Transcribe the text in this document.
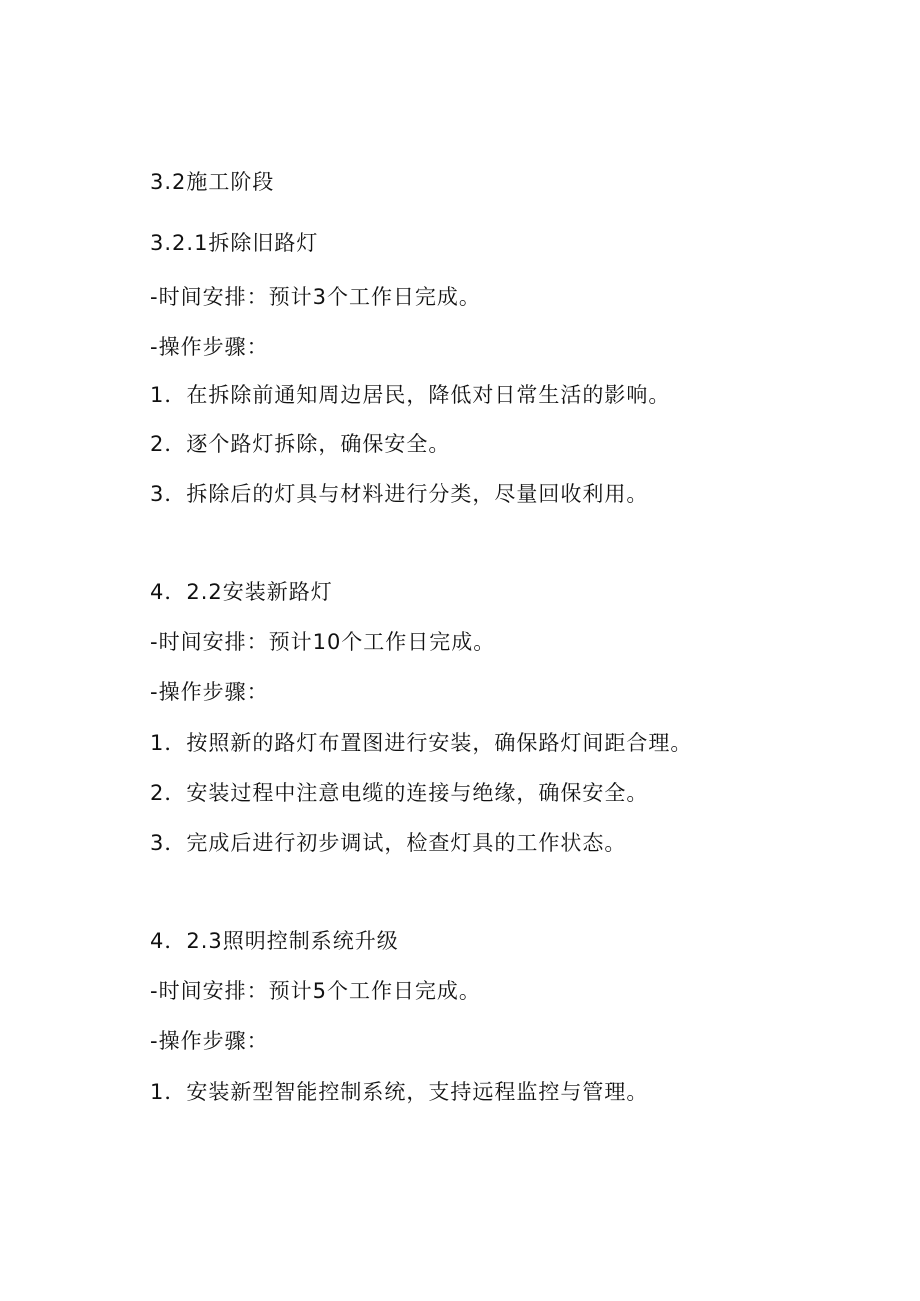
3.2施工阶段
3.2.1拆除旧路灯
-时间安排：预计3个工作日完成。
-操作步骤：
1．在拆除前通知周边居民，降低对日常生活的影响。
2．逐个路灯拆除，确保安全。
3．拆除后的灯具与材料进行分类，尽量回收利用。
4．2.2安装新路灯
-时间安排：预计10个工作日完成。
-操作步骤：
1．按照新的路灯布置图进行安装，确保路灯间距合理。
2．安装过程中注意电缆的连接与绝缘，确保安全。
3．完成后进行初步调试，检查灯具的工作状态。
4．2.3照明控制系统升级
-时间安排：预计5个工作日完成。
-操作步骤：
1．安装新型智能控制系统，支持远程监控与管理。
